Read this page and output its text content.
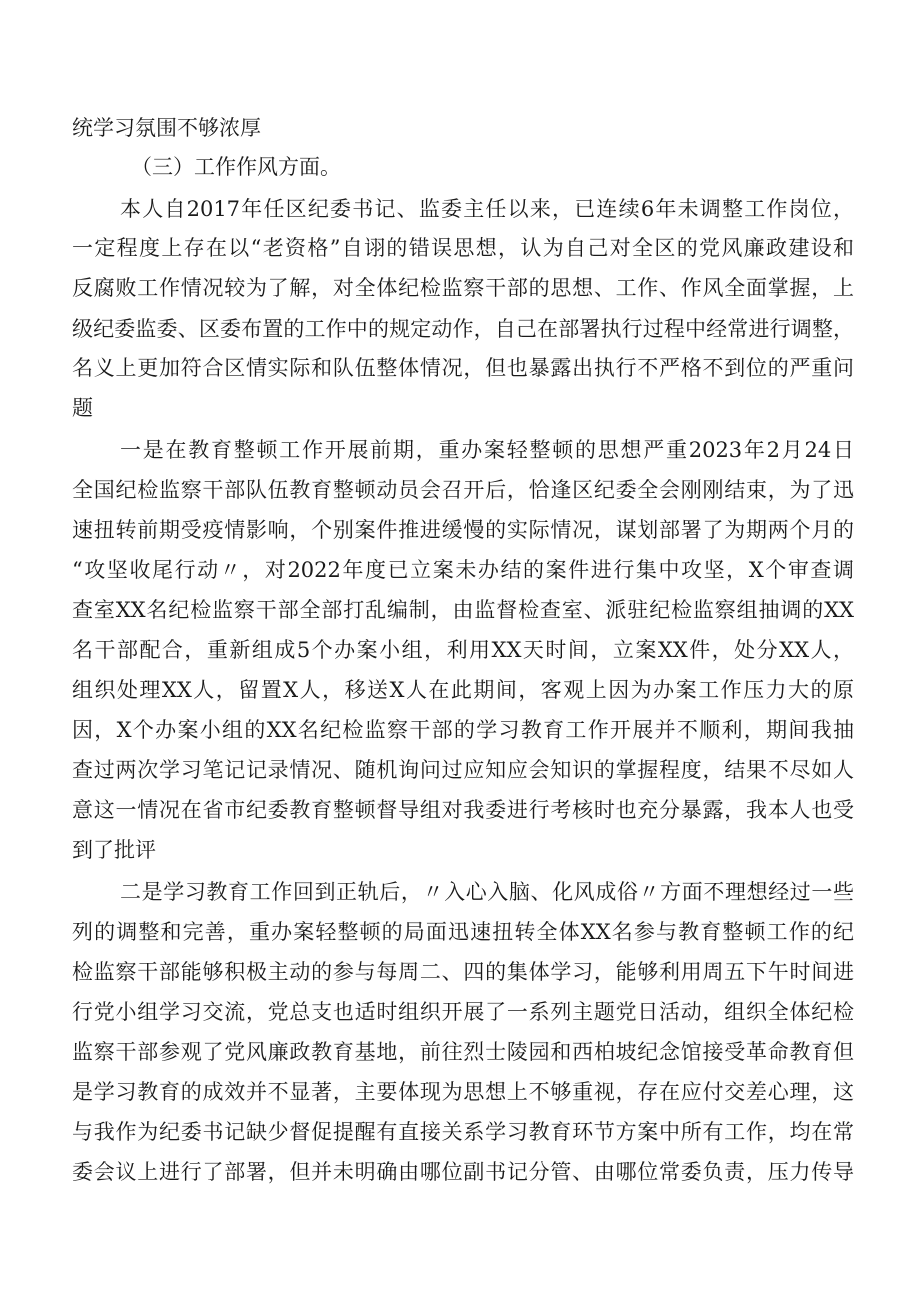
统学习氛围不够浓厚
（三）工作作风方面。
本人自2017年任区纪委书记、监委主任以来，已连续6年未调整工作岗位，
一定程度上存在以“老资格”自诩的错误思想，认为自己对全区的党风廉政建设和
反腐败工作情况较为了解，对全体纪检监察干部的思想、工作、作风全面掌握，上
级纪委监委、区委布置的工作中的规定动作，自己在部署执行过程中经常进行调整，
名义上更加符合区情实际和队伍整体情况，但也暴露出执行不严格不到位的严重问
题
一是在教育整顿工作开展前期，重办案轻整顿的思想严重2023年2月24日
全国纪检监察干部队伍教育整顿动员会召开后，恰逢区纪委全会刚刚结束，为了迅
速扭转前期受疫情影响，个别案件推进缓慢的实际情况，谋划部署了为期两个月的
“攻坚收尾行动〃，对2022年度已立案未办结的案件进行集中攻坚，X个审查调
查室XX名纪检监察干部全部打乱编制，由监督检查室、派驻纪检监察组抽调的XX
名干部配合，重新组成5个办案小组，利用XX天时间，立案XX件，处分XX人，
组织处理XX人，留置X人，移送X人在此期间，客观上因为办案工作压力大的原
因，X个办案小组的XX名纪检监察干部的学习教育工作开展并不顺利，期间我抽
查过两次学习笔记记录情况、随机询问过应知应会知识的掌握程度，结果不尽如人
意这一情况在省市纪委教育整顿督导组对我委进行考核时也充分暴露，我本人也受
到了批评
二是学习教育工作回到正轨后，〃入心入脑、化风成俗〃方面不理想经过一些
列的调整和完善，重办案轻整顿的局面迅速扭转全体XX名参与教育整顿工作的纪
检监察干部能够积极主动的参与每周二、四的集体学习，能够利用周五下午时间进
行党小组学习交流，党总支也适时组织开展了一系列主题党日活动，组织全体纪检
监察干部参观了党风廉政教育基地，前往烈士陵园和西柏坡纪念馆接受革命教育但
是学习教育的成效并不显著，主要体现为思想上不够重视，存在应付交差心理，这
与我作为纪委书记缺少督促提醒有直接关系学习教育环节方案中所有工作，均在常
委会议上进行了部署，但并未明确由哪位副书记分管、由哪位常委负责，压力传导
